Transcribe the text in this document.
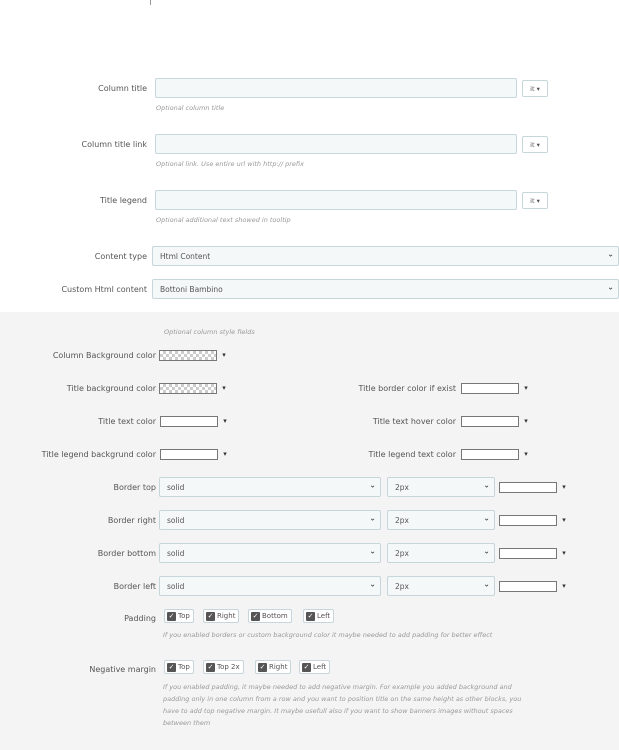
Column title	it ▾
Optional column title
Column title link	it ▾
Optional link. Use entire url with http:// prefix
Title legend	it ▾
Optional additional text showed in tooltip
Content type Html Content	⌄
Custom Html content Bottoni Bambino	⌄
Optional column style fields
Column Background color	▾
Title background color	▾	Title border color if exist	▾
Title text color	▾	Title text hover color	▾
Title legend backgrund color	▾	Title legend text color	▾
Border top solid	⌄	2px	⌄	▾
Border right solid	⌄	2px	⌄	▾
Border bottom solid	⌄	2px	⌄	▾
Border left solid	⌄	2px	⌄	▾
Padding ✓ Top	✓ Right ✓ Bottom	✓ Left
If you enabled borders or custom background color it maybe needed to add padding for better effect
Negative margin ✓ Top	✓ Top 2x	✓ Right ✓ Left
If you enabled padding, it maybe needed to add negative margin. For example you added background and
padding only in one column from a row and you want to position title on the same height as other blocks, you
have to add top negative margin. It maybe usefull also if you want to show banners images without spaces
between them
